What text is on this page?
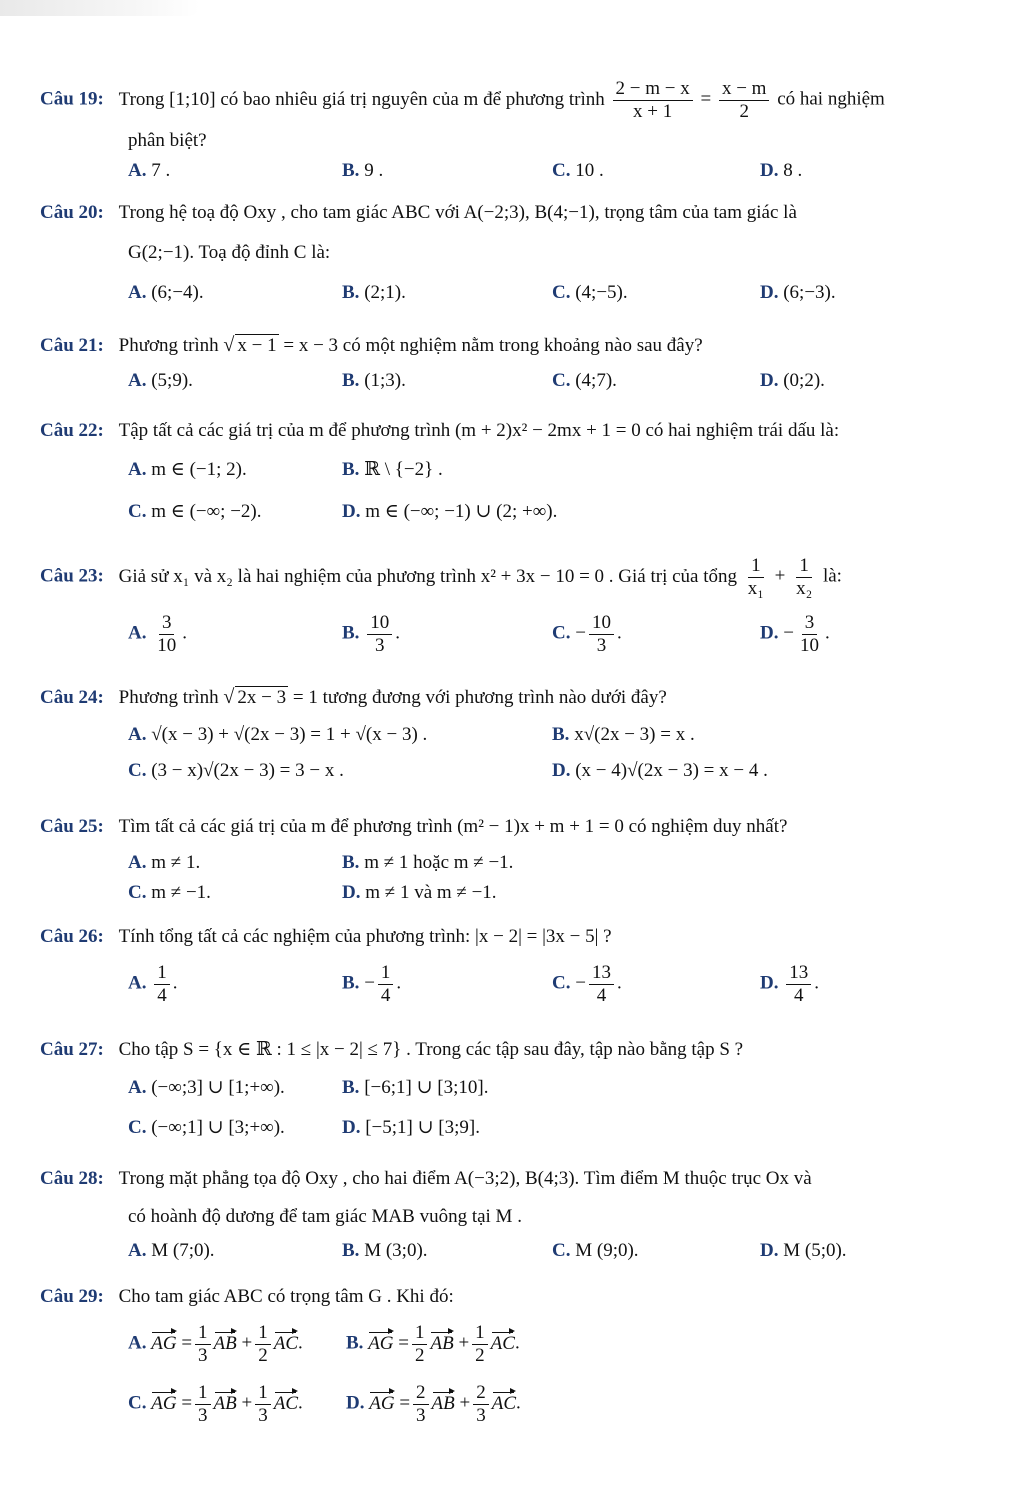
Câu 19: Trong [1;10] có bao nhiêu giá trị nguyên của m để phương trình $\frac{2 - m - x}{x + 1} = \frac{x - m}{2}$ có hai nghiệm
phân biệt?
A. 7 .	B. 9 .	C. 10 .	D. 8 .
Câu 20: Trong hệ toạ độ Oxy , cho tam giác ABC với A(−2;3), B(4;−1), trọng tâm của tam giác là
G(2;−1). Toạ độ đỉnh C là:
A. (6;−4).	B. (2;1).	C. (4;−5).	D. (6;−3).
Câu 21: Phương trình √ x − 1 = x − 3 có một nghiệm nằm trong khoảng nào sau đây?
A. (5;9).	B. (1;3).	C. (4;7).	D. (0;2).
Câu 22: Tập tất cả các giá trị của m để phương trình (m + 2)x² − 2mx + 1 = 0 có hai nghiệm trái dấu là:
A. m ∈ (−1; 2).	B. ℝ \ {−2} .
C. m ∈ (−∞; −2).	D. m ∈ (−∞; −1) ∪ (2; +∞).
Câu 23: Giả sử x₁ và x₂ là hai nghiệm của phương trình x² + 3x − 10 = 0 . Giá trị của tổng $\frac{1}{\text{x₁}} + \frac{1}{\text{x₂}}$ là:
A. $\frac{3}{10}$ .	B. $\frac{10}{3}$ .	C. − $\frac{10}{3}$ .	D. − $\frac{3}{10}$ .
Câu 24: Phương trình √ 2x − 3 = 1 tương đương với phương trình nào dưới đây?
A. √(x − 3) + √(2x − 3) = 1 + √(x − 3) .	B. x√(2x − 3) = x .
C. (3 − x)√(2x − 3) = 3 − x .	D. (x − 4)√(2x − 3) = x − 4 .
Câu 25: Tìm tất cả các giá trị của m để phương trình (m² − 1)x + m + 1 = 0 có nghiệm duy nhất?
A. m ≠ 1.	B. m ≠ 1 hoặc m ≠ −1.
C. m ≠ −1.	D. m ≠ 1 và m ≠ −1.
Câu 26: Tính tổng tất cả các nghiệm của phương trình: |x − 2| = |3x − 5| ?
A. $\frac{1}{4}$ .	B. − $\frac{1}{4}$ .	C. − $\frac{13}{4}$ .	D. $\frac{13}{4}$ .
Câu 27: Cho tập S = {x ∈ ℝ : 1 ≤ |x − 2| ≤ 7} . Trong các tập sau đây, tập nào bằng tập S ?
A. (−∞;3] ∪ [1;+∞).	B. [−6;1] ∪ [3;10].
C. (−∞;1] ∪ [3;+∞).	D. [−5;1] ∪ [3;9].
Câu 28: Trong mặt phẳng tọa độ Oxy , cho hai điểm A(−3;2), B(4;3). Tìm điểm M thuộc trục Ox và
có hoành độ dương để tam giác MAB vuông tại M .
A. M (7;0).	B. M (3;0).	C. M (9;0).	D. M (5;0).
Câu 29: Cho tam giác ABC có trọng tâm G . Khi đó:
A. AG = $\frac{1}{3}$ AB + $\frac{1}{2}$ AC. B. AG = $\frac{1}{2}$ AB + $\frac{1}{2}$ AC.
C. AG = $\frac{1}{3}$ AB + $\frac{1}{3}$ AC. D. AG = $\frac{2}{3}$ AB + $\frac{2}{3}$ AC.
